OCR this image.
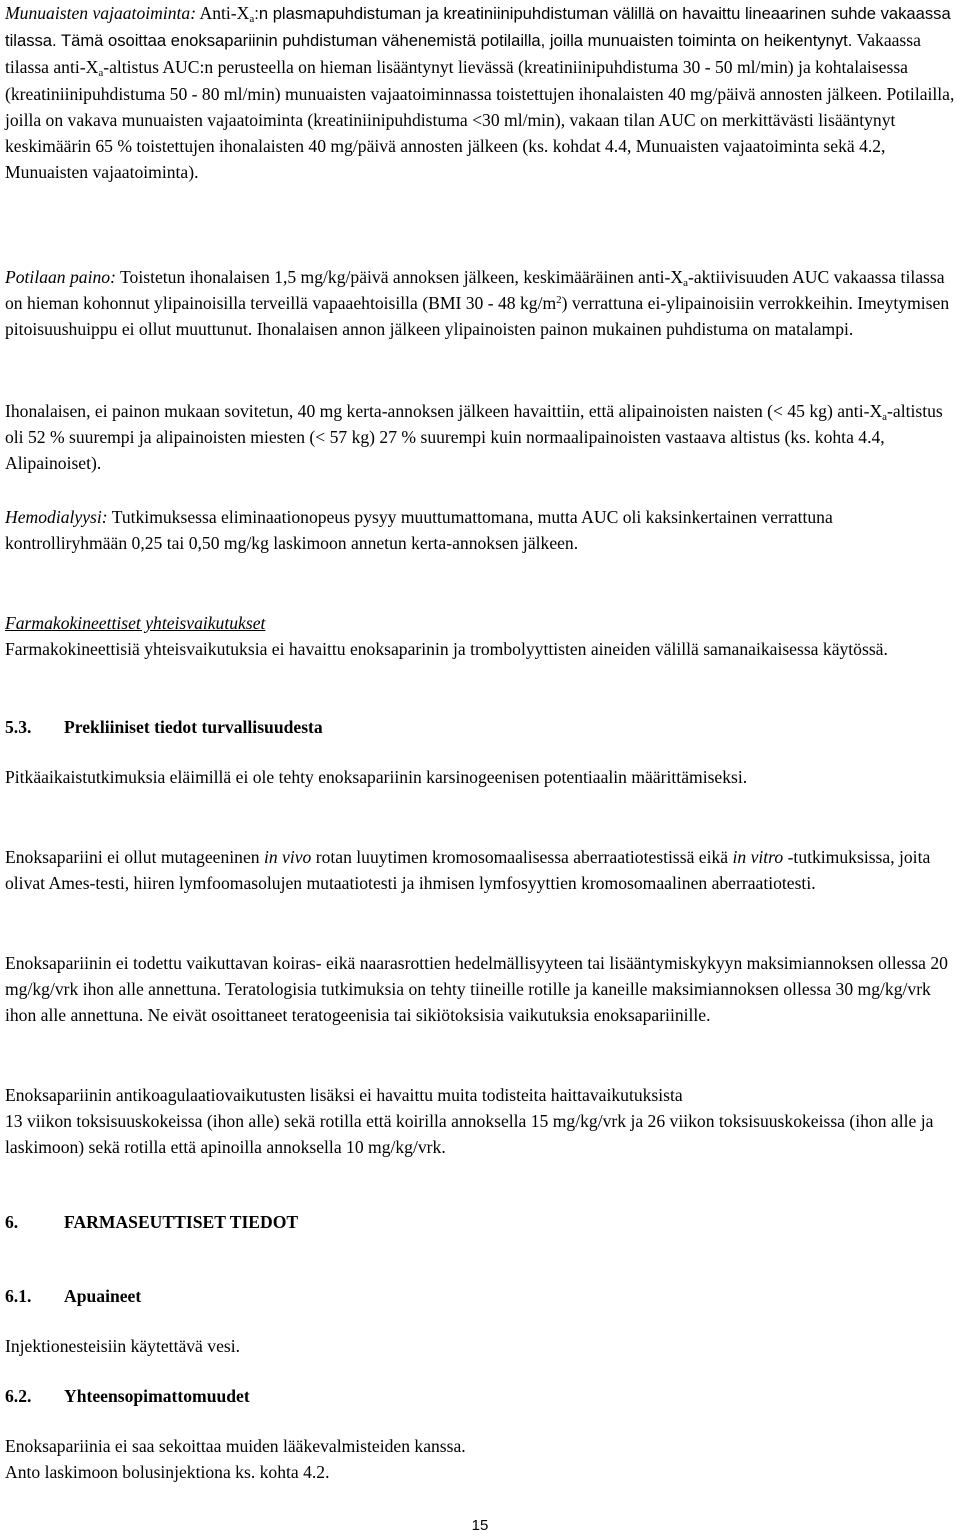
Munuaisten vajaatoiminta: Anti-$X_a:n$ plasmapuhdistuman ja kreatiniinipuhdistuman välillä on havaittu lineaarinen suhde vakaassa tilassa. Tämä osoittaa enoksapariinin puhdistuman vähenemistä potilailla, joilla munuaisten toiminta on heikentynyt. Vakaassa tilassa anti-$X_a$-altistus AUC:n perusteella on hieman lisääntynyt lievässä (kreatiniinipuhdistuma 30 - 50 ml/min) ja kohtalaisessa (kreatiniinipuhdistuma 50 - 80 ml/min) munuaisten vajaatoiminnassa toistettujen ihonalaisten 40 mg/päivä annosten jälkeen. Potilailla, joilla on vakava munuaisten vajaatoiminta (kreatiniinipuhdistuma <30 ml/min), vakaan tilan AUC on merkittävästi lisääntynyt keskimäärin 65 % toistettujen ihonalaisten 40 mg/päivä annosten jälkeen (ks. kohdat 4.4, Munuaisten vajaatoiminta sekä 4.2, Munuaisten vajaatoiminta).

Potilaan paino: Toistetun ihonalaisen 1,5 mg/kg/päivä annoksen jälkeen, keskimääräinen anti-$X_a$-aktiivisuuden AUC vakaassa tilassa on hieman kohonnut ylipainoisilla terveillä vapaaehtoisilla (BMI 30 - 48 $kg/m^2$) verrattuna ei-ylipainoisiin verrokkeihin. Imeytymisen pitoisuushuippu ei ollut muuttunut. Ihonalaisen annon jälkeen ylipainoisten painon mukainen puhdistuma on matalampi.

Ihonalaisen, ei painon mukaan sovitetun, 40 mg kerta-annoksen jälkeen havaittiin, että alipainoisten naisten (< 45 kg) anti-$X_a$-altistus oli 52 % suurempi ja alipainoisten miesten (< 57 kg) 27 % suurempi kuin normaalipainoisten vastaava altistus (ks. kohta 4.4, Alipainoiset).

Hemodialyysi: Tutkimuksessa eliminaationopeus pysyy muuttumattomana, mutta AUC oli kaksinkertainen verrattuna kontrolliryhmään 0,25 tai 0,50 mg/kg laskimoon annetun kerta-annoksen jälkeen.

Farmakokineettiset yhteisvaikutukset

Farmakokineettisiä yhteisvaikutuksia ei havaittu enoksaparinin ja trombolyyttisten aineiden välillä samanaikaisessa käytössä.

5.3. Prekliiniset tiedot turvallisuudesta

Pitkäaikaistutkimuksia eläimillä ei ole tehty enoksapariinin karsinogeenisen potentiaalin määrittämiseksi.

Enoksapariini ei ollut mutageeninen in vivo rotan luuytimen kromosomaalisessa aberraatiotestissä eikä in vitro -tutkimuksissa, joita olivat Ames-testi, hiiren lymfoomasolujen mutaatiotesti ja ihmisen lymfosyyttien kromosomaalinen aberraatiotesti.

Enoksapariinin ei todettu vaikuttavan koiras- eikä naarasrottien hedelmällisyyteen tai lisääntymiskykyyn maksimiannoksen ollessa 20 mg/kg/vrk ihon alle annettuna. Teratologisia tutkimuksia on tehty tiineille rotille ja kaneille maksimiannoksen ollessa 30 mg/kg/vrk ihon alle annettuna. Ne eivät osoittaneet teratogeenisia tai sikiötoksisia vaikutuksia enoksapariinille.

Enoksapariinin antikoagulaatiovaikutusten lisäksi ei havaittu muita todisteita haittavaikutuksista

13 viikon toksisuuskokeissa (ihon alle) sekä rotilla että koirilla annoksella 15 mg/kg/vrk ja 26 viikon toksisuuskokeissa (ihon alle ja laskimoon) sekä rotilla että apinoilla annoksella 10 mg/kg/vrk.

6.	FARMASEUTTISET TIEDOT

6.1. Apuaineet

Injektionesteisiin käytettävä vesi.

6.2. Yhteensopimattomuudet

Enoksapariinia ei saa sekoittaa muiden lääkevalmisteiden kanssa.

Anto laskimoon bolusinjektiona ks. kohta 4.2.

15
